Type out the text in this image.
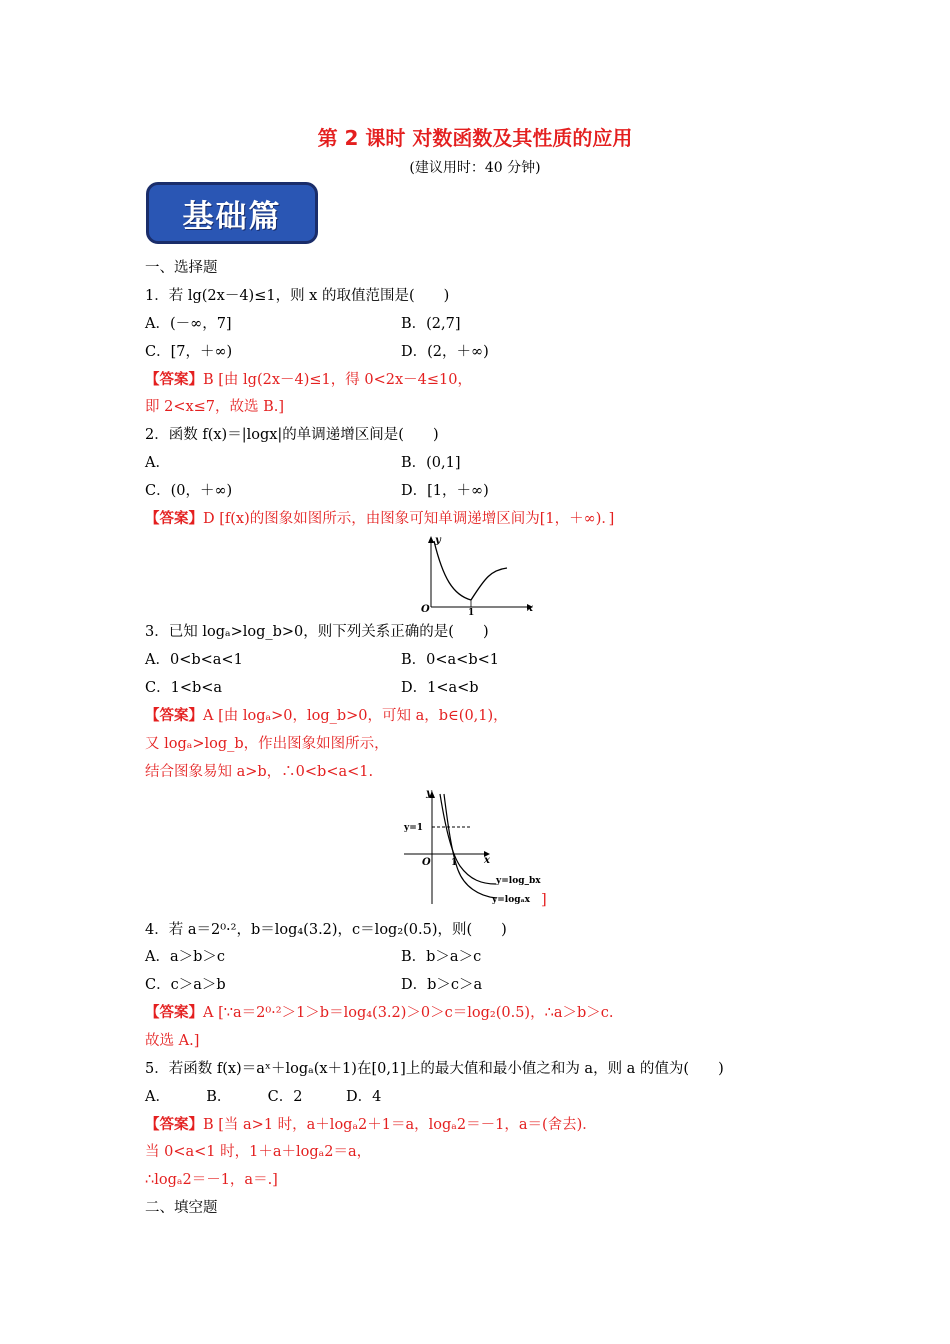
第 2 课时 对数函数及其性质的应用
(建议用时：40 分钟)
基础篇
一、选择题
1．若 lg(2x－4)≤1，则 x 的取值范围是(　　)
A．(－∞，7]	B．(2,7]
C．[7，＋∞)	D．(2，＋∞)
【答案】B [由 lg(2x－4)≤1，得 0<2x－4≤10，
即 2<x≤7，故选 B.]
2．函数 f(x)＝|logx|的单调递增区间是(　　)
A．	B．(0,1]
C．(0，＋∞)	D．[1，＋∞)
【答案】D [f(x)的图象如图所示，由图象可知单调递增区间为[1，＋∞)．]
y
x
O	1
3．已知 logₐ>log_b>0，则下列关系正确的是(　　)
A．0<b<a<1	B．0<a<b<1
C．1<b<a	D．1<a<b
【答案】A [由 logₐ>0，log_b>0，可知 a，b∈(0,1)，
又 logₐ>log_b，作出图象如图所示，
结合图象易知 a>b，∴0<b<a<1.
y
x
O 1
y=1
y=log_bx
y=logₐx ]
4．若 a＝2⁰·²，b＝log₄(3.2)，c＝log₂(0.5)，则(　　)
A．a＞b＞c	B．b＞a＞c
C．c＞a＞b	D．b＞c＞a
【答案】A [∵a＝2⁰·²＞1＞b＝log₄(3.2)＞0＞c＝log₂(0.5)，∴a＞b＞c.
故选 A.]
5．若函数 f(x)＝aˣ＋logₐ(x＋1)在[0,1]上的最大值和最小值之和为 a，则 a 的值为(　　)
A．　　　B．　　　C．2　　　D．4
【答案】B [当 a>1 时，a＋logₐ2＋1＝a，logₐ2＝－1，a＝(舍去)．
当 0<a<1 时，1＋a＋logₐ2＝a，
∴logₐ2＝－1，a＝.]
二、填空题
